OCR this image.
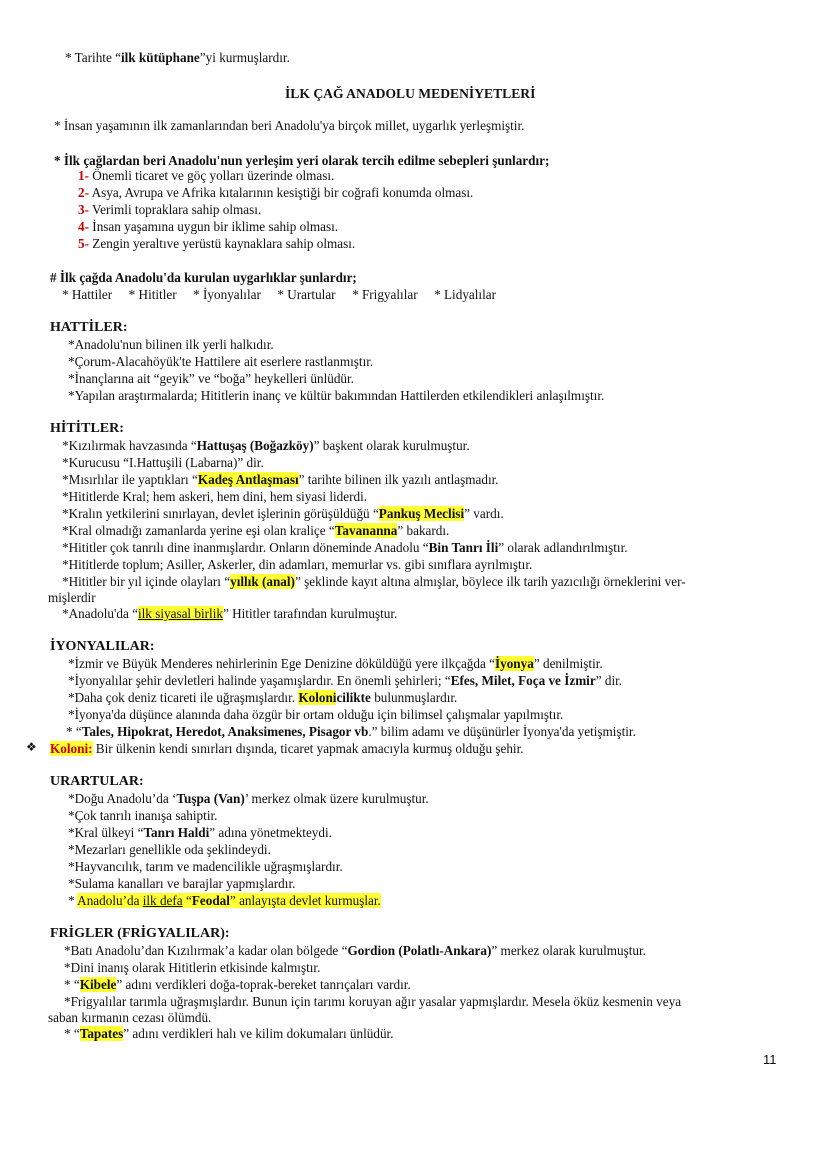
* Tarihte “ilk kütüphane”yi kurmuşlardır.
İLK ÇAĞ ANADOLU MEDENİYETLERİ
* İnsan yaşamının ilk zamanlarından beri Anadolu'ya birçok millet, uygarlık yerleşmiştir.
* İlk çağlardan beri Anadolu'nun yerleşim yeri olarak tercih edilme sebepleri şunlardır;
1- Önemli ticaret ve göç yolları üzerinde olması.
2- Asya, Avrupa ve Afrika kıtalarının kesiştiği bir coğrafi konumda olması.
3- Verimli topraklara sahip olması.
4- İnsan yaşamına uygun bir iklime sahip olması.
5- Zengin yeraltıve yerüstü kaynaklara sahip olması.
# İlk çağda Anadolu'da kurulan uygarlıklar şunlardır;
* Hattiler * Hititler * İyonyalılar * Urartular * Frigyalılar * Lidyalılar
HATTİLER:
*Anadolu'nun bilinen ilk yerli halkıdır.
*Çorum-Alacahöyük'te Hattilere ait eserlere rastlanmıştır.
*İnançlarına ait “geyik” ve “boğa” heykelleri ünlüdür.
*Yapılan araştırmalarda; Hititlerin inanç ve kültür bakımından Hattilerden etkilendikleri anlaşılmıştır.
HİTİTLER:
*Kızılırmak havzasında “Hattuşaş (Boğazköy)” başkent olarak kurulmuştur.
*Kurucusu “I.Hattuşili (Labarna)” dir.
*Mısırlılar ile yaptıkları “Kadeş Antlaşması” tarihte bilinen ilk yazılı antlaşmadır.
*Hititlerde Kral; hem askeri, hem dini, hem siyasi liderdi.
*Kralın yetkilerini sınırlayan, devlet işlerinin görüşüldüğü “Pankuş Meclisi” vardı.
*Kral olmadığı zamanlarda yerine eşi olan kraliçe “Tavananna” bakardı.
*Hititler çok tanrılı dine inanmışlardır. Onların döneminde Anadolu “Bin Tanrı İli” olarak adlandırılmıştır.
*Hititlerde toplum; Asiller, Askerler, din adamları, memurlar vs. gibi sınıflara ayrılmıştır.
*Hititler bir yıl içinde olayları “yıllık (anal)” şeklinde kayıt altına almışlar, böylece ilk tarih yazıcılığı örneklerini ver-
mişlerdir
*Anadolu'da “ilk siyasal birlik” Hititler tarafından kurulmuştur.
İYONYALILAR:
*İzmir ve Büyük Menderes nehirlerinin Ege Denizine döküldüğü yere ilkçağda “İyonya” denilmiştir.
*İyonyalılar şehir devletleri halinde yaşamışlardır. En önemli şehirleri; “Efes, Milet, Foça ve İzmir” dir.
*Daha çok deniz ticareti ile uğraşmışlardır. Kolonicilikte bulunmuşlardır.
*İyonya'da düşünce alanında daha özgür bir ortam olduğu için bilimsel çalışmalar yapılmıştır.
* “Tales, Hipokrat, Heredot, Anaksimenes, Pisagor vb.” bilim adamı ve düşünürler İyonya'da yetişmiştir.
❖ Koloni: Bir ülkenin kendi sınırları dışında, ticaret yapmak amacıyla kurmuş olduğu şehir.
URARTULAR:
*Doğu Anadolu’da ‘Tuşpa (Van)’ merkez olmak üzere kurulmuştur.
*Çok tanrılı inanışa sahiptir.
*Kral ülkeyi “Tanrı Haldi” adına yönetmekteydi.
*Mezarları genellikle oda şeklindeydi.
*Hayvancılık, tarım ve madencilikle uğraşmışlardır.
*Sulama kanalları ve barajlar yapmışlardır.
* Anadolu’da ilk defa “Feodal” anlayışta devlet kurmuşlar.
FRİGLER (FRİGYALILAR):
*Batı Anadolu’dan Kızılırmak’a kadar olan bölgede “Gordion (Polatlı-Ankara)” merkez olarak kurulmuştur.
*Dini inanış olarak Hititlerin etkisinde kalmıştır.
* “Kibele” adını verdikleri doğa-toprak-bereket tanrıçaları vardır.
*Frigyalılar tarımla uğraşmışlardır. Bunun için tarımı koruyan ağır yasalar yapmışlardır. Mesela öküz kesmenin veya
saban kırmanın cezası ölümdü.
* “Tapates” adını verdikleri halı ve kilim dokumaları ünlüdür.
11
